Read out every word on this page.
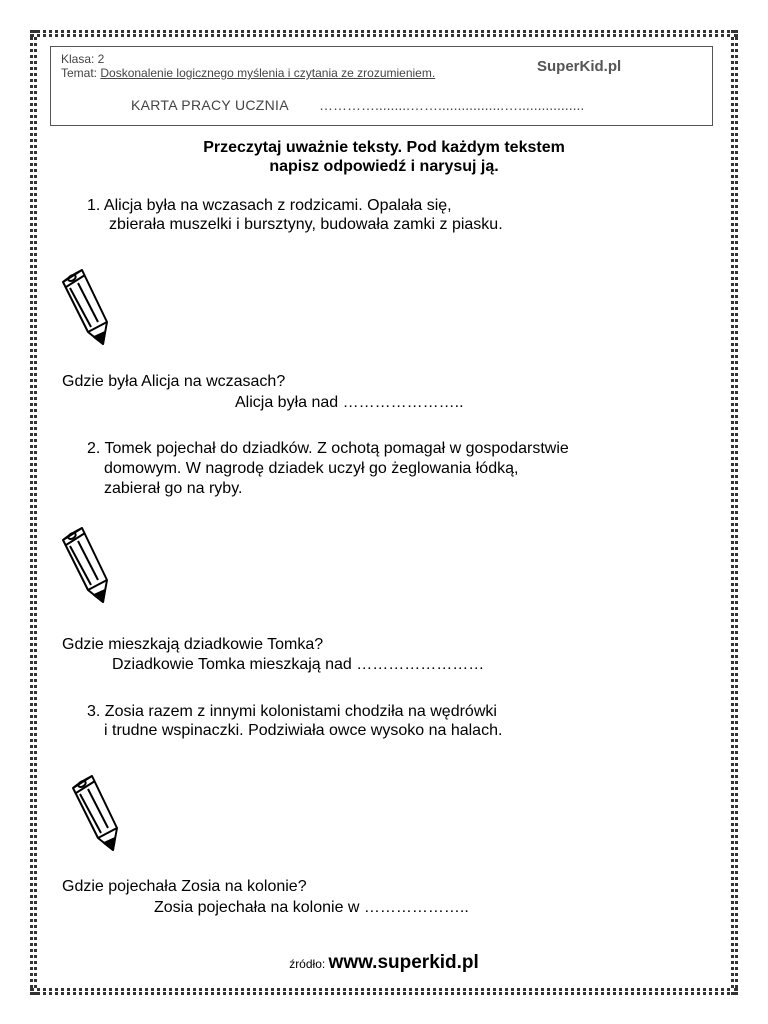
Klasa: 2
Temat: Doskonalenie logicznego myślenia i czytania ze zrozumieniem.	SuperKid.pl
KARTA PRACY UCZNIA ………….........…….................….................
Przeczytaj uważnie teksty. Pod każdym tekstem
napisz odpowiedź i narysuj ją.
1. Alicja była na wczasach z rodzicami. Opalała się,
zbierała muszelki i bursztyny, budowała zamki z piasku.
Gdzie była Alicja na wczasach?
Alicja była nad …………………..
2. Tomek pojechał do dziadków. Z ochotą pomagał w gospodarstwie
domowym. W nagrodę dziadek uczył go żeglowania łódką,
zabierał go na ryby.
Gdzie mieszkają dziadkowie Tomka?
Dziadkowie Tomka mieszkają nad ……………………
3. Zosia razem z innymi kolonistami chodziła na wędrówki
i trudne wspinaczki. Podziwiała owce wysoko na halach.
Gdzie pojechała Zosia na kolonie?
Zosia pojechała na kolonie w ………………..
źródło: www.superkid.pl
